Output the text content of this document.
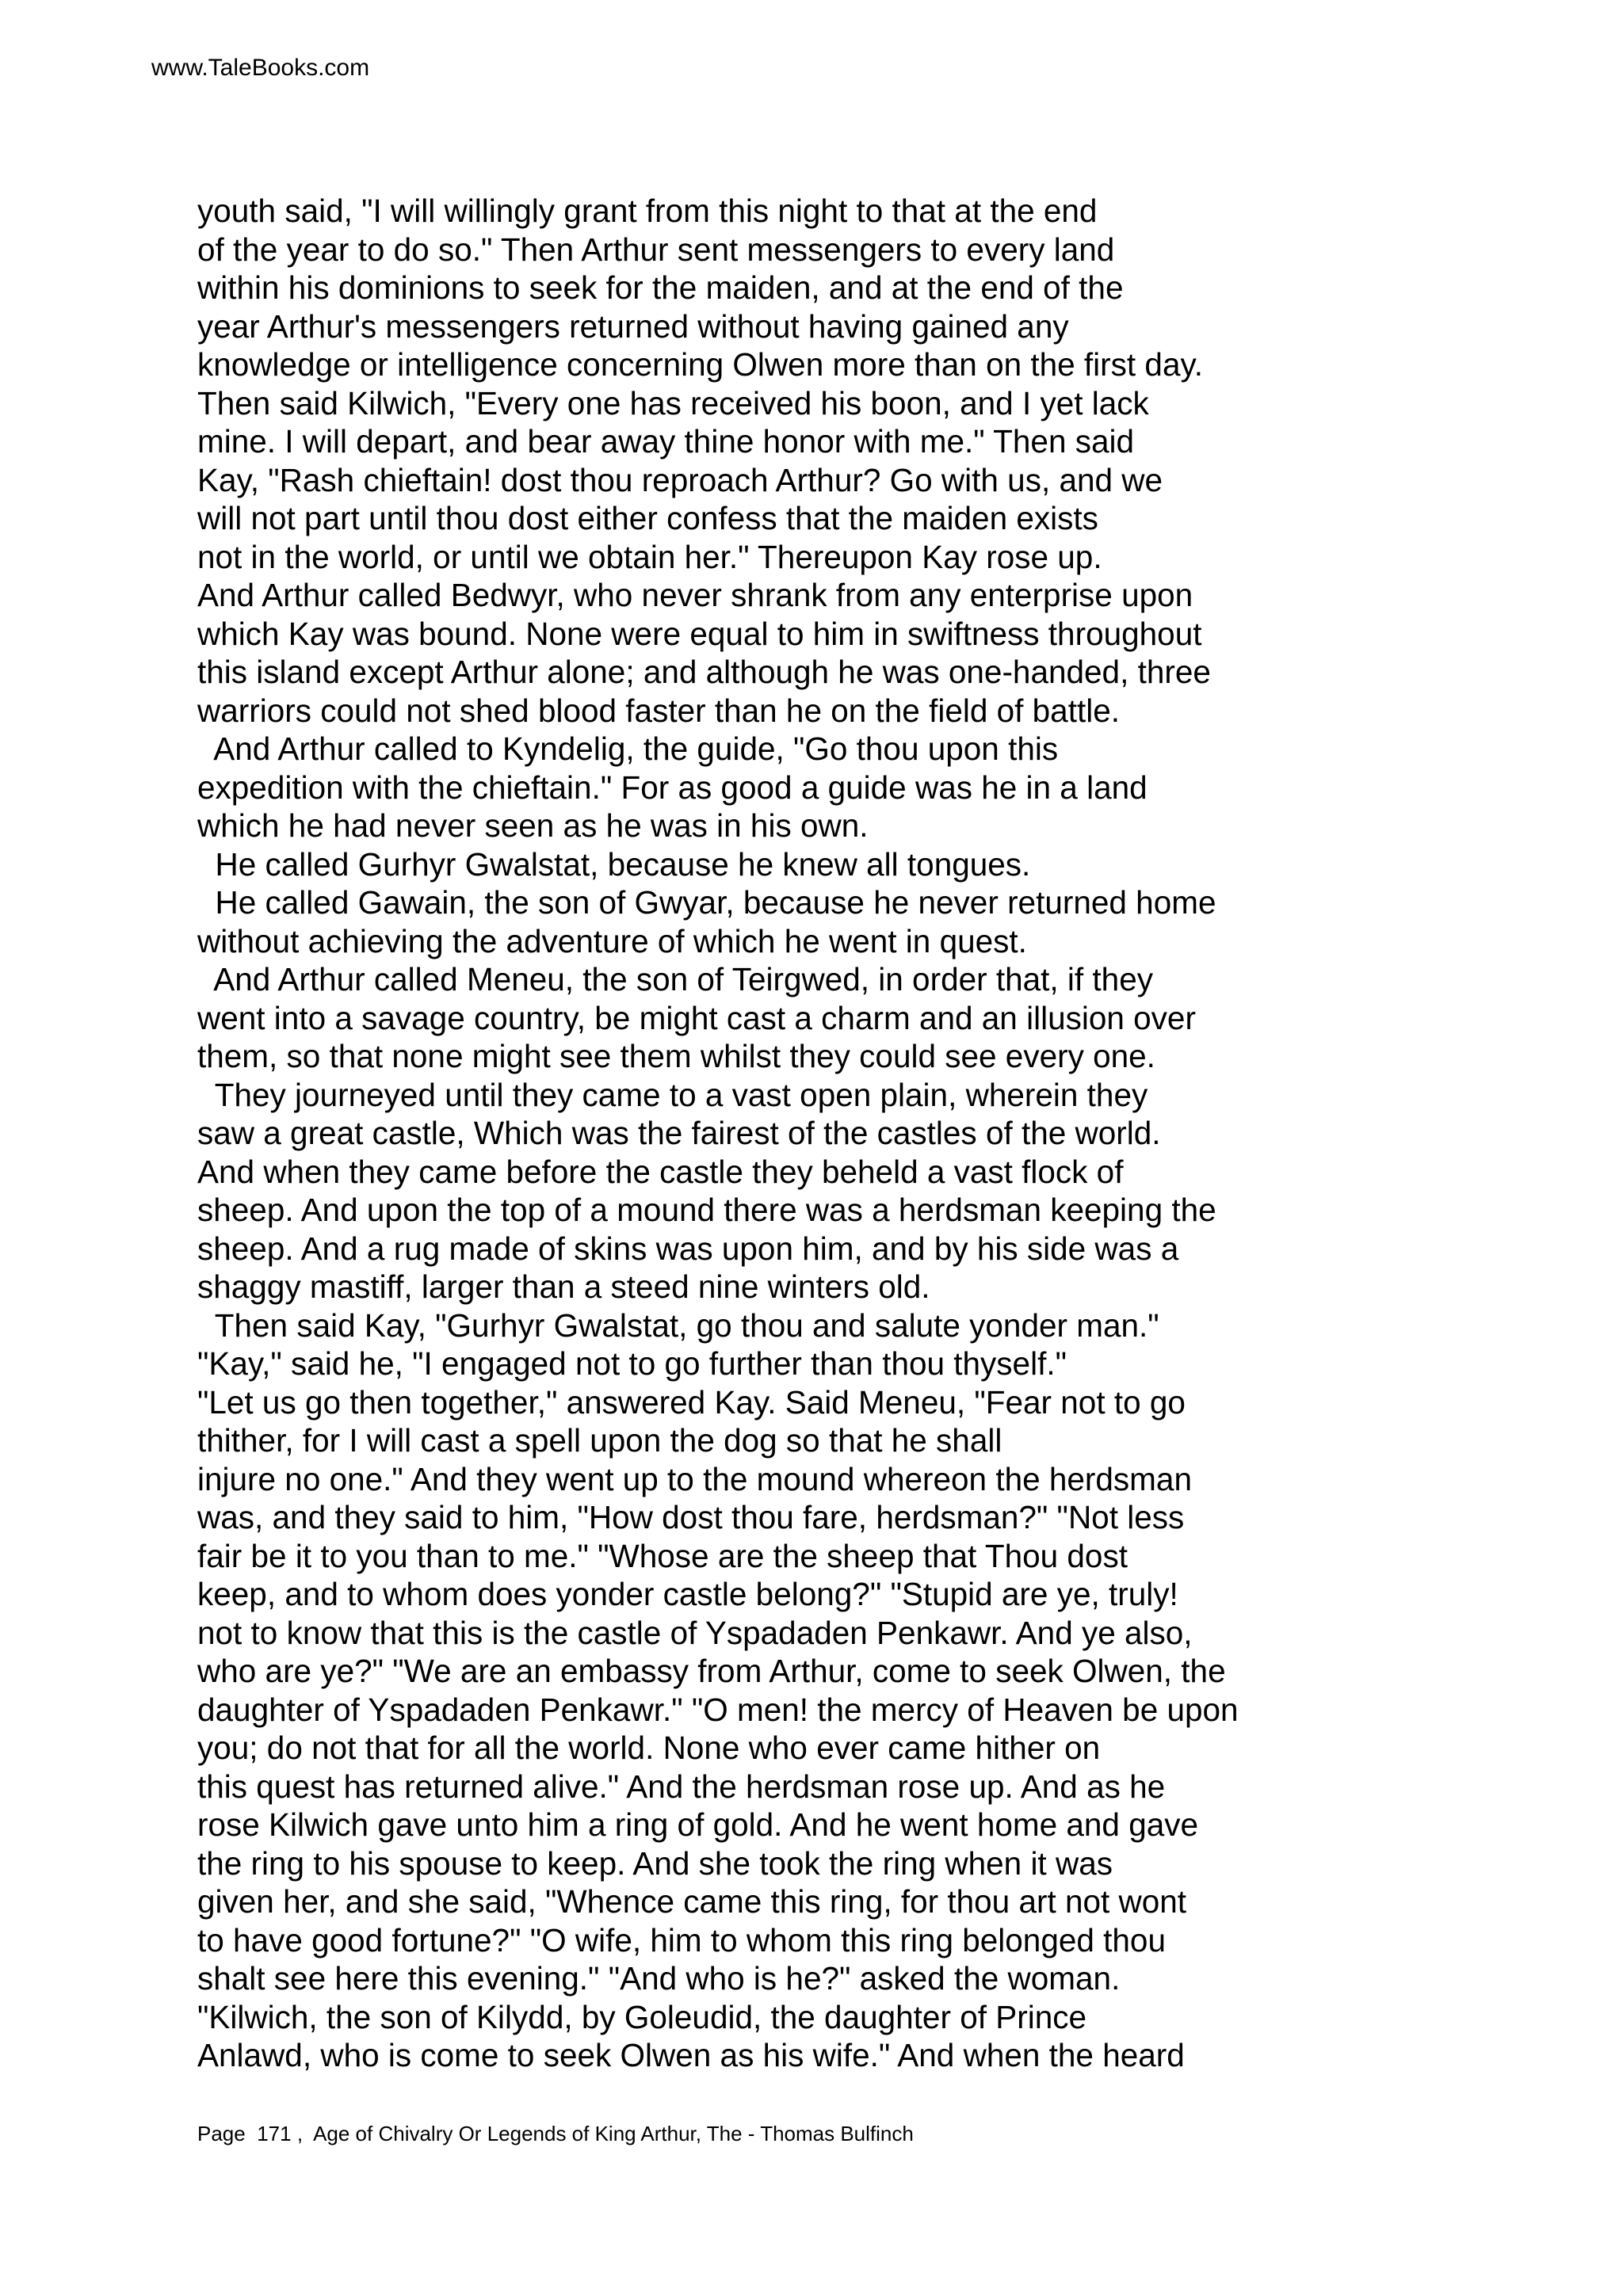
www.TaleBooks.com
youth said, "I will willingly grant from this night to that at the end
of the year to do so." Then Arthur sent messengers to every land
within his dominions to seek for the maiden, and at the end of the
year Arthur's messengers returned without having gained any
knowledge or intelligence concerning Olwen more than on the first day.
Then said Kilwich, "Every one has received his boon, and I yet lack
mine. I will depart, and bear away thine honor with me." Then said
Kay, "Rash chieftain! dost thou reproach Arthur? Go with us, and we
will not part until thou dost either confess that the maiden exists
not in the world, or until we obtain her." Thereupon Kay rose up.
And Arthur called Bedwyr, who never shrank from any enterprise upon
which Kay was bound. None were equal to him in swiftness throughout
this island except Arthur alone; and although he was one-handed, three
warriors could not shed blood faster than he on the field of battle.
And Arthur called to Kyndelig, the guide, "Go thou upon this
expedition with the chieftain." For as good a guide was he in a land
which he had never seen as he was in his own.
He called Gurhyr Gwalstat, because he knew all tongues.
He called Gawain, the son of Gwyar, because he never returned home
without achieving the adventure of which he went in quest.
And Arthur called Meneu, the son of Teirgwed, in order that, if they
went into a savage country, be might cast a charm and an illusion over
them, so that none might see them whilst they could see every one.
They journeyed until they came to a vast open plain, wherein they
saw a great castle, Which was the fairest of the castles of the world.
And when they came before the castle they beheld a vast flock of
sheep. And upon the top of a mound there was a herdsman keeping the
sheep. And a rug made of skins was upon him, and by his side was a
shaggy mastiff, larger than a steed nine winters old.
Then said Kay, "Gurhyr Gwalstat, go thou and salute yonder man."
"Kay," said he, "I engaged not to go further than thou thyself."
"Let us go then together," answered Kay. Said Meneu, "Fear not to go
thither, for I will cast a spell upon the dog so that he shall
injure no one." And they went up to the mound whereon the herdsman
was, and they said to him, "How dost thou fare, herdsman?" "Not less
fair be it to you than to me." "Whose are the sheep that Thou dost
keep, and to whom does yonder castle belong?" "Stupid are ye, truly!
not to know that this is the castle of Yspadaden Penkawr. And ye also,
who are ye?" "We are an embassy from Arthur, come to seek Olwen, the
daughter of Yspadaden Penkawr." "O men! the mercy of Heaven be upon
you; do not that for all the world. None who ever came hither on
this quest has returned alive." And the herdsman rose up. And as he
rose Kilwich gave unto him a ring of gold. And he went home and gave
the ring to his spouse to keep. And she took the ring when it was
given her, and she said, "Whence came this ring, for thou art not wont
to have good fortune?" "O wife, him to whom this ring belonged thou
shalt see here this evening." "And who is he?" asked the woman.
"Kilwich, the son of Kilydd, by Goleudid, the daughter of Prince
Anlawd, who is come to seek Olwen as his wife." And when the heard
Page 171 , Age of Chivalry Or Legends of King Arthur, The - Thomas Bulfinch
